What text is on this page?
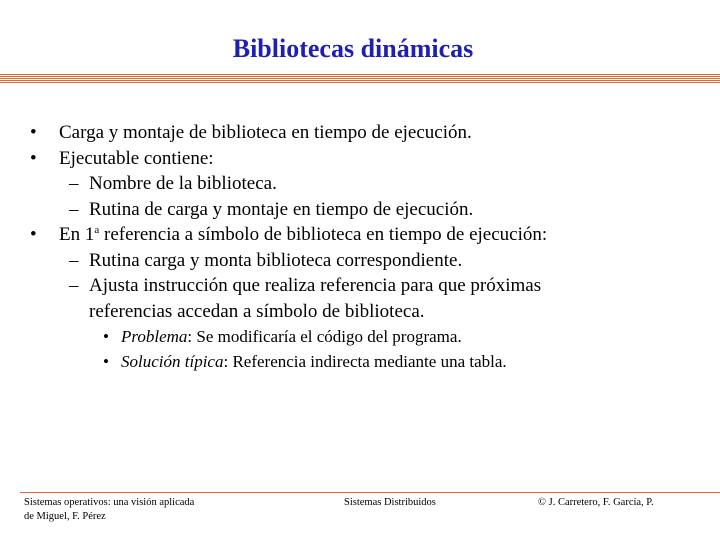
Bibliotecas dinámicas
• Carga y montaje de biblioteca en tiempo de ejecución.
• Ejecutable contiene:
– Nombre de la biblioteca.
– Rutina de carga y montaje en tiempo de ejecución.
• En 1$^a$ referencia a símbolo de biblioteca en tiempo de ejecución:
– Rutina carga y monta biblioteca correspondiente.
– Ajusta instrucción que realiza referencia para que próximas
referencias accedan a símbolo de biblioteca.
• Problema: Se modificaría el código del programa.
• Solución típica: Referencia indirecta mediante una tabla.
Sistemas operativos: una visión aplicada
de Miguel, F. Pérez
Sistemas Distribuidos	© J. Carretero, F. García, P.
